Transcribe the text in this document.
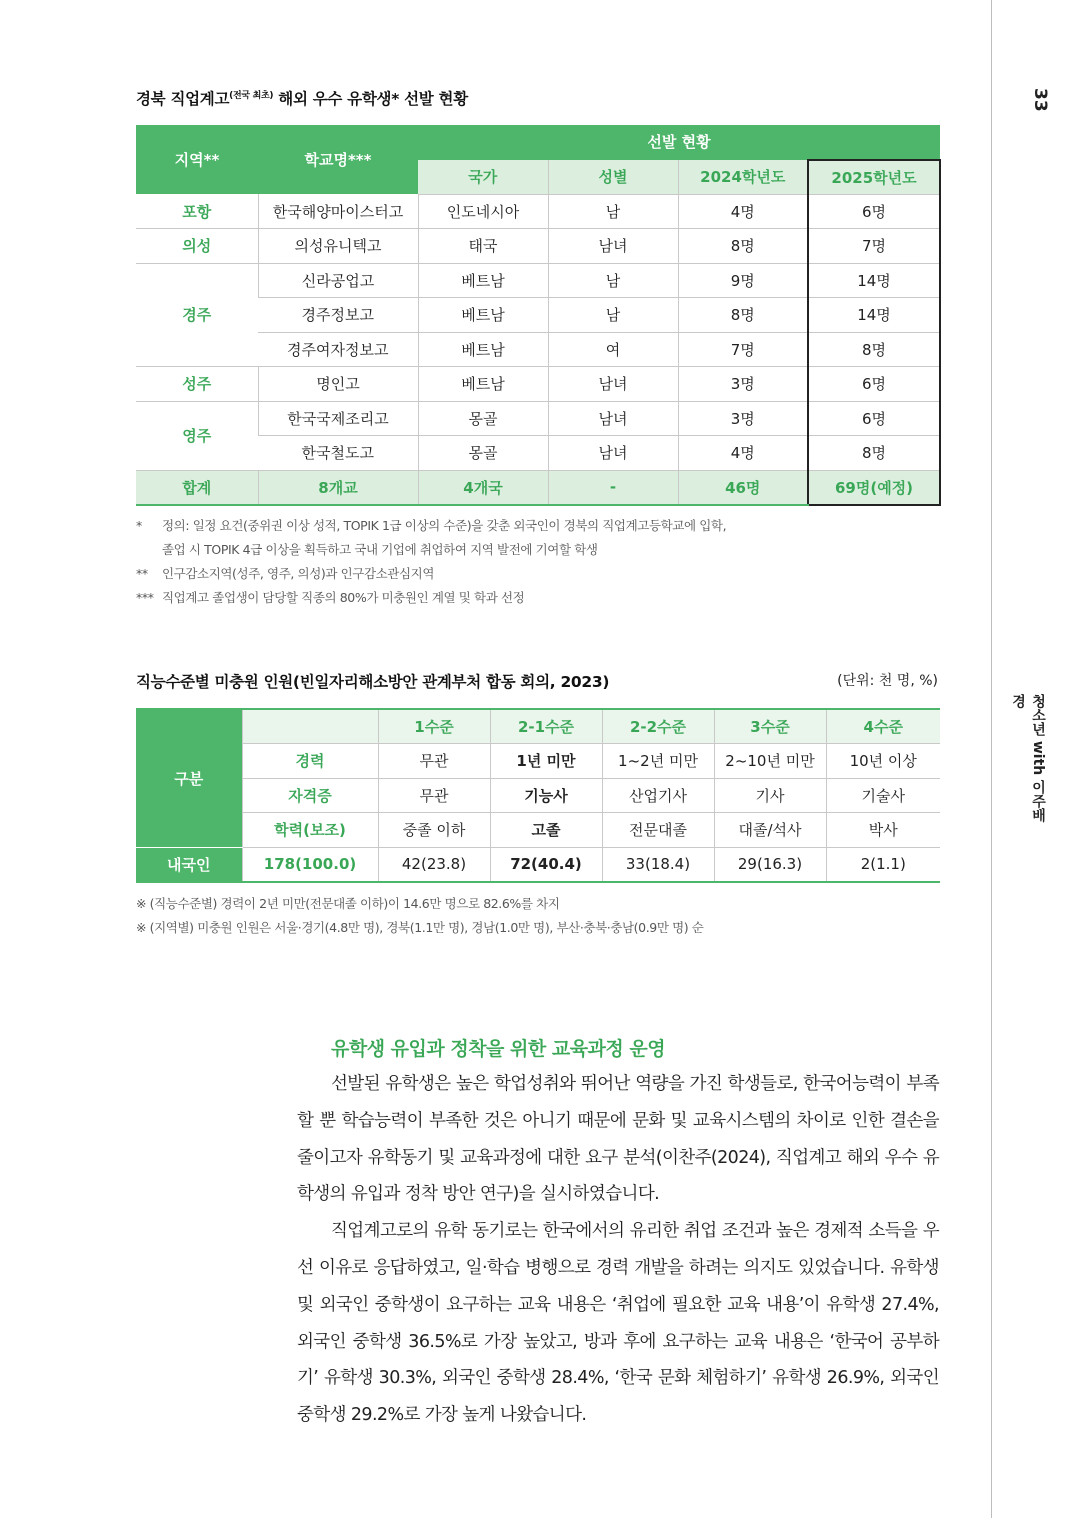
33
청소년 with 이주배경
경북 직업계고$^{(전국 최초)}$ 해외 우수 유학생* 선발 현황
지역**	학교명***	선발 현황			
		국가	성별	2024학년도	2025학년도
포항	한국해양마이스터고	인도네시아	남	4명	6명
의성	의성유니텍고	태국	남녀	8명	7명
경주	신라공업고	베트남	남	9명	14명
	경주정보고	베트남	남	8명	14명
	경주여자정보고	베트남	여	7명	8명
성주	명인고	베트남	남녀	3명	6명
영주	한국국제조리고	몽골	남녀	3명	6명
	한국철도고	몽골	남녀	4명	8명
합계	8개교	4개국	-	46명	69명(예정)
*	정의: 일정 요건(중위권 이상 성적, TOPIK 1급 이상의 수준)을 갖춘 외국인이 경북의 직업계고등학교에 입학,
졸업 시 TOPIK 4급 이상을 획득하고 국내 기업에 취업하여 지역 발전에 기여할 학생
**	인구감소지역(성주, 영주, 의성)과 인구감소관심지역
*** 직업계고 졸업생이 담당할 직종의 80%가 미충원인 계열 및 학과 선정
직능수준별 미충원 인원(빈일자리해소방안 관계부처 합동 회의, 2023)	(단위: 천 명, %)
구분		1수준	2-1수준	2-2수준	3수준	4수준
	경력	무관	1년 미만	1~2년 미만	2~10년 미만	10년 이상
	자격증	무관	기능사	산업기사	기사	기술사
	학력(보조)	중졸 이하	고졸	전문대졸	대졸/석사	박사
내국인	178(100.0)	42(23.8)	72(40.4)	33(18.4)	29(16.3)	2(1.1)
※ (직능수준별) 경력이 2년 미만(전문대졸 이하)이 14.6만 명으로 82.6%를 차지
※ (지역별) 미충원 인원은 서울·경기(4.8만 명), 경북(1.1만 명), 경남(1.0만 명), 부산·충북·충남(0.9만 명) 순
유학생 유입과 정착을 위한 교육과정 운영

선발된 유학생은 높은 학업성취와 뛰어난 역량을 가진 학생들로, 한국어능력이 부족할 뿐 학습능력이 부족한 것은 아니기 때문에 문화 및 교육시스템의 차이로 인한 결손을 줄이고자 유학동기 및 교육과정에 대한 요구 분석(이찬주(2024), 직업계고 해외 우수 유학생의 유입과 정착 방안 연구)을 실시하였습니다.

직업계고로의 유학 동기로는 한국에서의 유리한 취업 조건과 높은 경제적 소득을 우선 이유로 응답하였고, 일·학습 병행으로 경력 개발을 하려는 의지도 있었습니다. 유학생 및 외국인 중학생이 요구하는 교육 내용은 ‘취업에 필요한 교육 내용’이 유학생 27.4%, 외국인 중학생 36.5%로 가장 높았고, 방과 후에 요구하는 교육 내용은 ‘한국어 공부하기’ 유학생 30.3%, 외국인 중학생 28.4%, ‘한국 문화 체험하기’ 유학생 26.9%, 외국인 중학생 29.2%로 가장 높게 나왔습니다.
